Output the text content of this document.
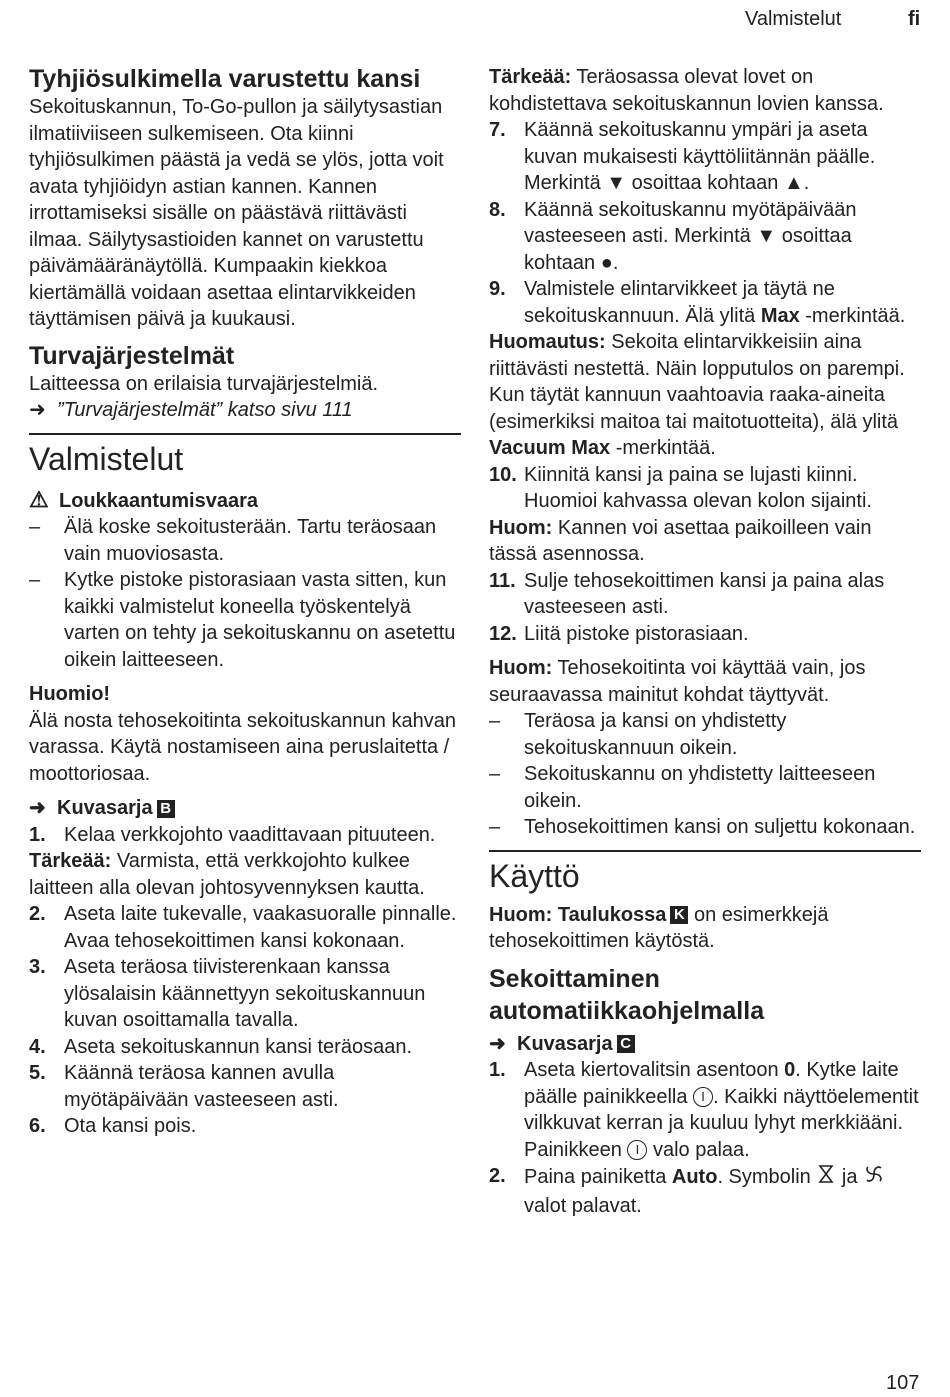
Valmistelut	fi
Tyhjiösulkimella varustettu kansi

Sekoituskannun, To-Go-pullon ja säilytysastian ilmatiiviiseen sulkemiseen. Ota kiinni tyhjiösulkimen päästä ja vedä se ylös, jotta voit avata tyhjiöidyn astian kannen. Kannen irrottamiseksi sisälle on päästävä riittävästi ilmaa. Säilytysastioiden kannet on varustettu päivämääränäytöllä. Kumpaakin kiekkoa kiertämällä voidaan asettaa elintarvikkeiden täyttämisen päivä ja kuukausi.

Turvajärjestelmät

Laitteessa on erilaisia turvajärjestelmiä.

➜ ”Turvajärjestelmät” katso sivu 111

Valmistelut

⚠ Loukkaantumisvaara

–	Älä koske sekoitusterään. Tartu teräosaan vain muoviosasta.
–	Kytke pistoke pistorasiaan vasta sitten, kun kaikki valmistelut koneella työskentelyä varten on tehty ja sekoituskannu on asetettu oikein laitteeseen.

Huomio!

Älä nosta tehosekoitinta sekoituskannun kahvan varassa. Käytä nostamiseen aina peruslaitetta / moottoriosaa.

➜ Kuvasarja B

1. Kelaa verkkojohto vaadittavaan pituuteen.

Tärkeää: Varmista, että verkkojohto kulkee laitteen alla olevan johtosyvennyksen kautta.

2. Aseta laite tukevalle, vaakasuoralle pinnalle. Avaa tehosekoittimen kansi kokonaan.
3. Aseta teräosa tiivisterenkaan kanssa ylösalaisin käännettyyn sekoituskannuun kuvan osoittamalla tavalla.
4. Aseta sekoituskannun kansi teräosaan.
5. Käännä teräosa kannen avulla myötäpäivään vasteeseen asti.
6. Ota kansi pois.

Tärkeää: Teräosassa olevat lovet on kohdistettava sekoituskannun lovien kanssa.

7. Käännä sekoituskannu ympäri ja aseta kuvan mukaisesti käyttöliitännän päälle. Merkintä ▼ osoittaa kohtaan ▲.
8. Käännä sekoituskannu myötäpäivään vasteeseen asti. Merkintä ▼ osoittaa kohtaan ●.
9. Valmistele elintarvikkeet ja täytä ne sekoituskannuun. Älä ylitä Max -merkintää.

Huomautus: Sekoita elintarvikkeisiin aina riittävästi nestettä. Näin lopputulos on parempi. Kun täytät kannuun vaahtoavia raaka-aineita (esimerkiksi maitoa tai maitotuotteita), älä ylitä Vacuum Max -merkintää.

10. Kiinnitä kansi ja paina se lujasti kiinni. Huomioi kahvassa olevan kolon sijainti.

Huom: Kannen voi asettaa paikoilleen vain tässä asennossa.

11. Sulje tehosekoittimen kansi ja paina alas vasteeseen asti.
12. Liitä pistoke pistorasiaan.

Huom: Tehosekoitinta voi käyttää vain, jos seuraavassa mainitut kohdat täyttyvät.

–	Teräosa ja kansi on yhdistetty sekoituskannuun oikein.
–	Sekoituskannu on yhdistetty laitteeseen oikein.
–	Tehosekoittimen kansi on suljettu kokonaan.
Käyttö

Huom: Taulukossa K on esimerkkejä tehosekoittimen käytöstä.

Sekoittaminen automatiikkaohjelmalla

➜ Kuvasarja C

1. Aseta kiertovalitsin asentoon 0. Kytke laite päälle painikkeella I . Kaikki näyttöelementit vilkkuvat kerran ja kuuluu lyhyt merkkiääni. Painikkeen I valo palaa.
2. Paina painiketta Auto. Symbolin  ja  valot palavat.
107
